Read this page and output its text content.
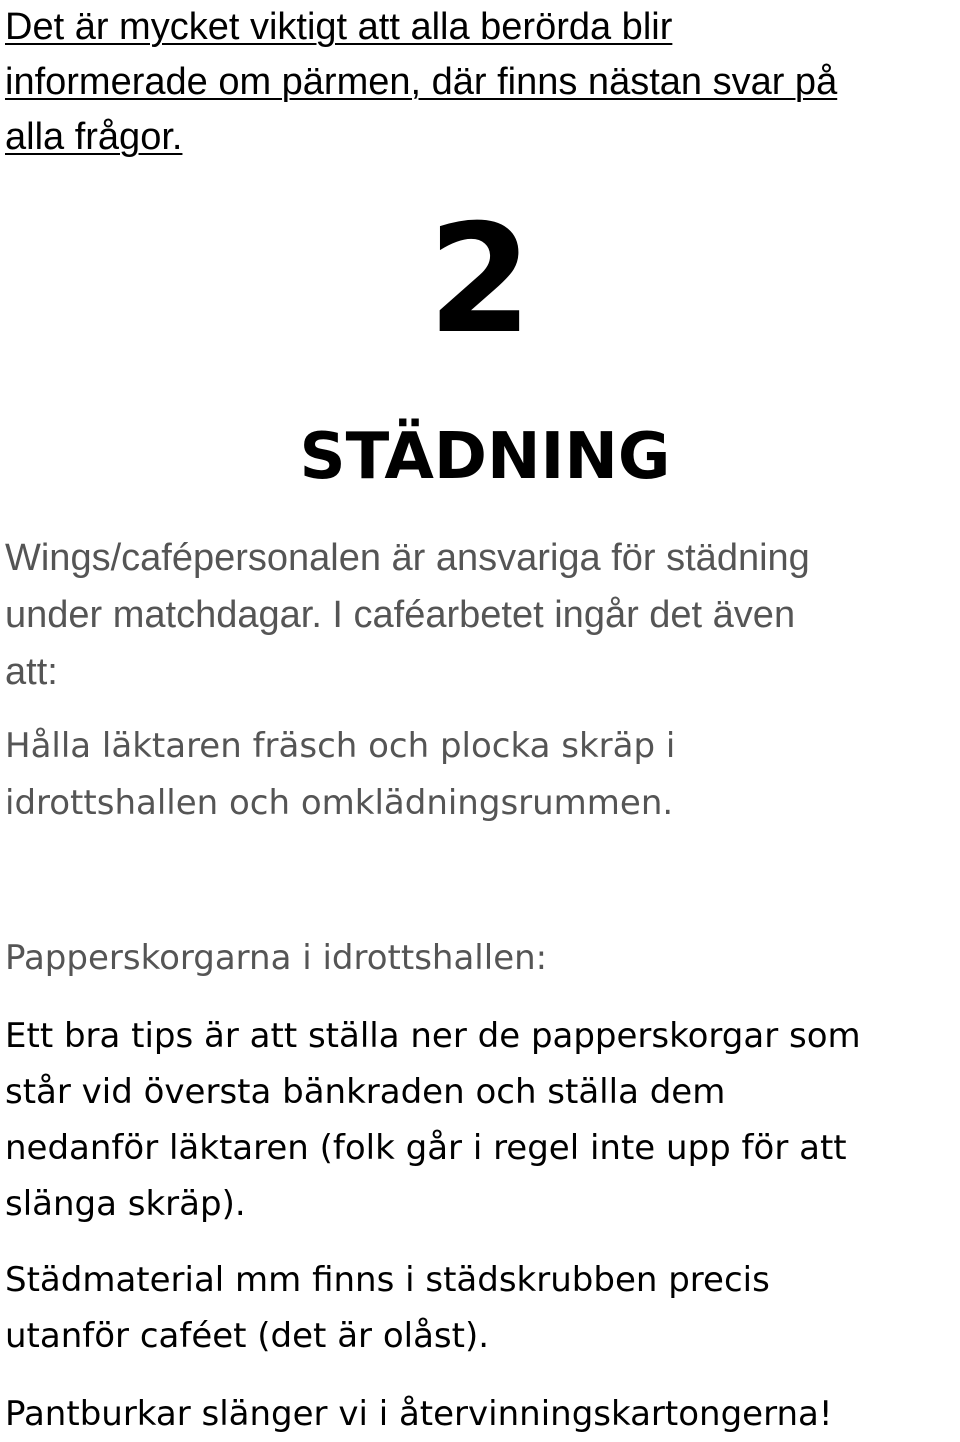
Det är mycket viktigt att alla berörda blir
informerade om pärmen, där finns nästan svar på
alla frågor.

2
STÄDNING

Wings/cafépersonalen är ansvariga för städning
under matchdagar. I caféarbetet ingår det även
att:

Hålla läktaren fräsch och plocka skräp i
idrottshallen och omklädningsrummen.

Papperskorgarna i idrottshallen:

Ett bra tips är att ställa ner de papperskorgar som
står vid översta bänkraden och ställa dem
nedanför läktaren (folk går i regel inte upp för att
slänga skräp).

Städmaterial mm finns i städskrubben precis
utanför caféet (det är olåst).

Pantburkar slänger vi i återvinningskartongerna!
